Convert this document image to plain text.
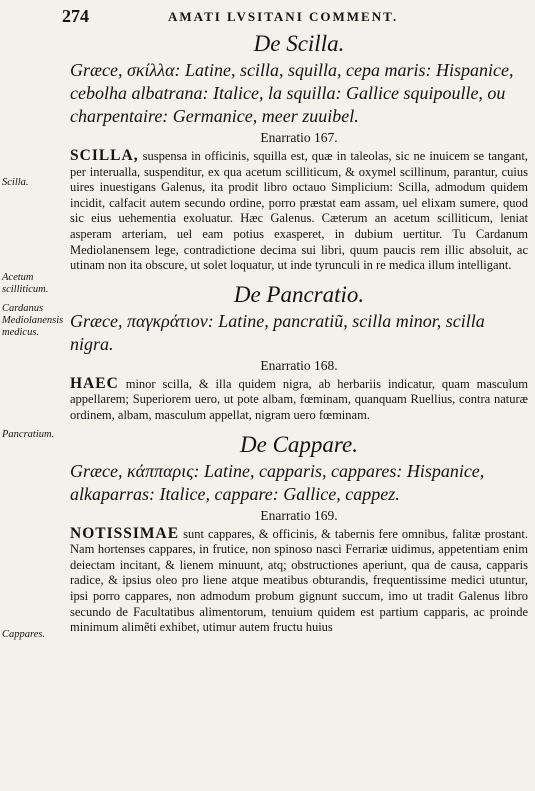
274	AMATI LVSITANI COMMENT.
Scilla.
Acetum scilliticum.
Cardanus Mediolanensis medicus.
Pancratium.
Cappares.
De Scilla.

Græce, σκίλλα: Latine, scilla, squilla, cepa maris: Hispanice, cebolha albatrana: Italice, la squilla: Gallice squipoulle, ou charpentaire: Germanice, meer zuuibel.

Enarratio 167.

SCILLA, suspensa in officinis, squilla est, quæ in taleolas, sic ne inuicem se tangant, per interualla, suspenditur, ex qua acetum scilliticum, & oxymel scillinum, parantur, cuius uires inuestigans Galenus, ita prodit libro octauo Simplicium: Scilla, admodum quidem incidit, calfacit autem secundo ordine, porro præstat eam assam, uel elixam sumere, quod sic eius uehementia exoluatur. Hæc Galenus. Cæterum an acetum scilliticum, leniat asperam arteriam, uel eam potius exasperet, in dubium uertitur. Tu Cardanum Mediolanensem lege, contradictione decima sui libri, quum paucis rem illic absoluit, ac utinam non ita obscure, ut solet loquatur, ut inde tyrunculi in re medica illum intelligant.

De Pancratio.

Græce, παγκράτιον: Latine, pancratiũ, scilla minor, scilla nigra.

Enarratio 168.

HAEC minor scilla, & illa quidem nigra, ab herbariis indicatur, quam masculum appellarem; Superiorem uero, ut pote albam, fœminam, quanquam Ruellius, contra naturæ ordinem, albam, masculum appellat, nigram uero fœminam.

De Cappare.

Græce, κάππαρις: Latine, capparis, cappares: Hispanice, alkaparras: Italice, cappare: Gallice, cappez.

Enarratio 169.

NOTISSIMAE sunt cappares, & officinis, & tabernis fere omnibus, falitæ prostant. Nam hortenses cappares, in frutice, non spinoso nasci Ferrariæ uidimus, appetentiam enim deiectam incitant, & lienem minuunt, atq; obstructiones aperiunt, qua de causa, capparis radice, & ipsius oleo pro liene atque meatibus obturandis, frequentissime medici utuntur, ipsi porro cappares, non admodum probum gignunt succum, imo ut tradit Galenus libro secundo de Facultatibus alimentorum, tenuium quidem est partium capparis, ac proinde minimum alimẽti exhibet, utimur autem fructu huius
